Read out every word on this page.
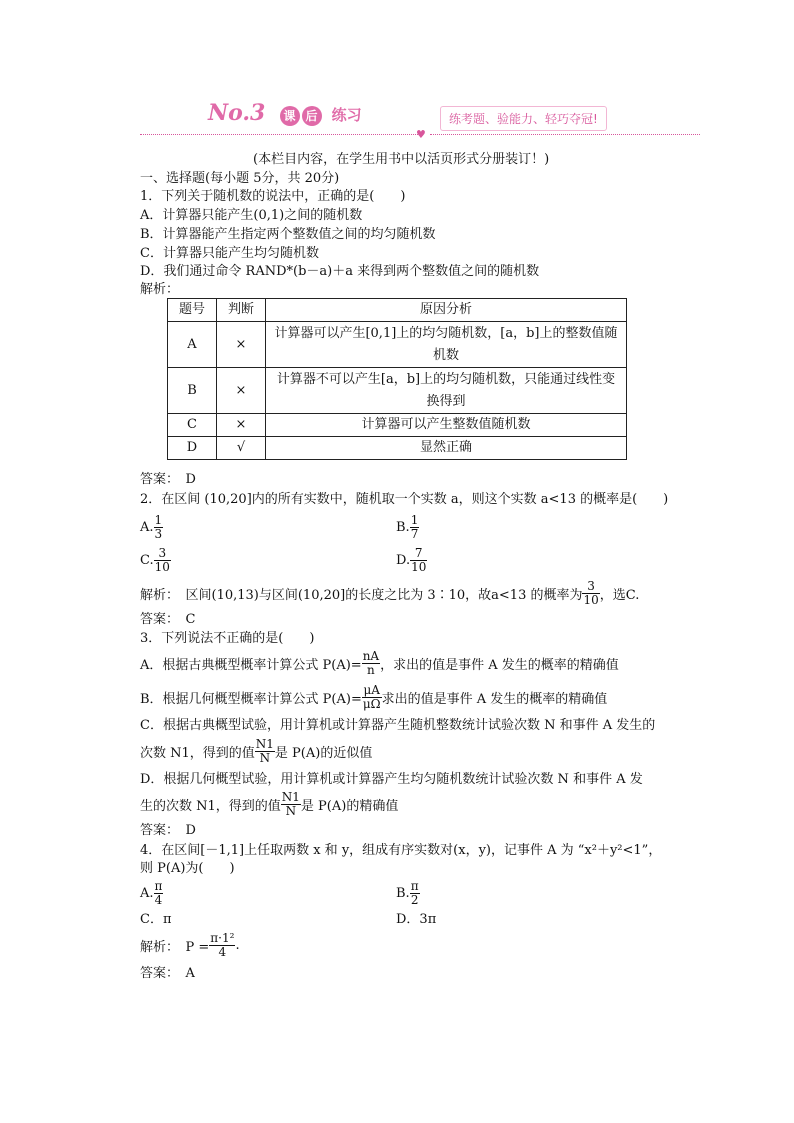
No.3 课 后 练习	练考题、验能力、轻巧夺冠!
♥
(本栏目内容，在学生用书中以活页形式分册装订！)
一、选择题(每小题 5分，共 20分)
1．下列关于随机数的说法中，正确的是(　　)
A．计算器只能产生(0,1)之间的随机数
B．计算器能产生指定两个整数值之间的均匀随机数
C．计算器只能产生均匀随机数
D．我们通过命令 RAND*(b－a)＋a 来得到两个整数值之间的随机数
解析：
题号	判断	原因分析
A	×	计算器可以产生[0,1]上的均匀随机数，[a，b]上的整数值随
机数

B	×	计算器不可以产生[a，b]上的均匀随机数，只能通过线性变
换得到

C	×	计算器可以产生整数值随机数
D	√	显然正确
答案：　D
2．在区间 (10,20]内的所有实数中，随机取一个实数 a，则这个实数 a<13 的概率是(　　)
A. $\frac{1}{3}$	B. $\frac{1}{7}$
C. $\frac{3}{10}$	D. $\frac{7}{10}$
解析：　区间(10,13)与区间(10,20]的长度之比为 3∶10，故a<13 的概率为 $\frac{3}{10}$ ，选C.
答案：　C
3．下列说法不正确的是(　　)
A．根据古典概型概率计算公式 $P(A)= \frac{nA}{n}$ ，求出的值是事件 A 发生的概率的精确值
B．根据几何概型概率计算公式 $P(A)= \frac{\mu A}{\mu\Omega}$ 求出的值是事件 A 发生的概率的精确值
C．根据古典概型试验，用计算机或计算器产生随机整数统计试验次数 N 和事件 A 发生的
次数 N1，得到的值 $\frac{N1}{N}$ 是 P(A)的近似值
D．根据几何概型试验，用计算机或计算器产生均匀随机数统计试验次数 N 和事件 A 发
生的次数 N1，得到的值 $\frac{N1}{N}$ 是 P(A)的精确值
答案：　D
4．在区间[－1,1]上任取两数 x 和 y，组成有序实数对(x，y)，记事件 A 为 “x²＋y²<1”，
则 P(A)为(　　)
A. $\frac{\pi}{4}$	B. $\frac{\pi}{2}$
C．π	D．3π
解析：　$P = \frac{\text{π·1²}}{4}$ .
答案：　A
